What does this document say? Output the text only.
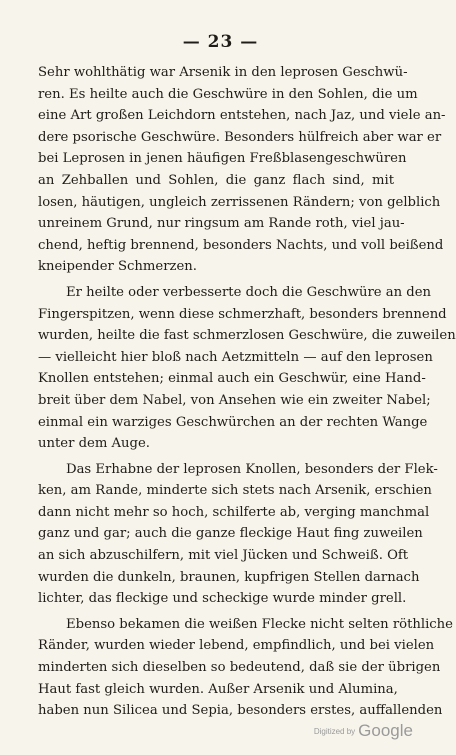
— 23 —
Sehr wohlthätig war Arsenik in den leprosen Geschwü-
ren. Es heilte auch die Geschwüre in den Sohlen, die um
eine Art großen Leichdorn entstehen, nach Jaz, und viele an-
dere psorische Geschwüre. Besonders hülfreich aber war er
bei Leprosen in jenen häufigen Freßblasengeschwüren
an Zehballen und Sohlen, die ganz flach sind, mit
losen, häutigen, ungleich zerrissenen Rändern; von gelblich
unreinem Grund, nur ringsum am Rande roth, viel jau-
chend, heftig brennend, besonders Nachts, und voll beißend
kneipender Schmerzen.
Er heilte oder verbesserte doch die Geschwüre an den
Fingerspitzen, wenn diese schmerzhaft, besonders brennend
wurden, heilte die fast schmerzlosen Geschwüre, die zuweilen
— vielleicht hier bloß nach Aetzmitteln — auf den leprosen
Knollen entstehen; einmal auch ein Geschwür, eine Hand-
breit über dem Nabel, von Ansehen wie ein zweiter Nabel;
einmal ein warziges Geschwürchen an der rechten Wange
unter dem Auge.
Das Erhabne der leprosen Knollen, besonders der Flek-
ken, am Rande, minderte sich stets nach Arsenik, erschien
dann nicht mehr so hoch, schilferte ab, verging manchmal
ganz und gar; auch die ganze fleckige Haut fing zuweilen
an sich abzuschilfern, mit viel Jücken und Schweiß. Oft
wurden die dunkeln, braunen, kupfrigen Stellen darnach
lichter, das fleckige und scheckige wurde minder grell.
Ebenso bekamen die weißen Flecke nicht selten röthliche
Ränder, wurden wieder lebend, empfindlich, und bei vielen
minderten sich dieselben so bedeutend, daß sie der übrigen
Haut fast gleich wurden. Außer Arsenik und Alumina,
haben nun Silicea und Sepia, besonders erstes, auffallenden
Digitized by Google
